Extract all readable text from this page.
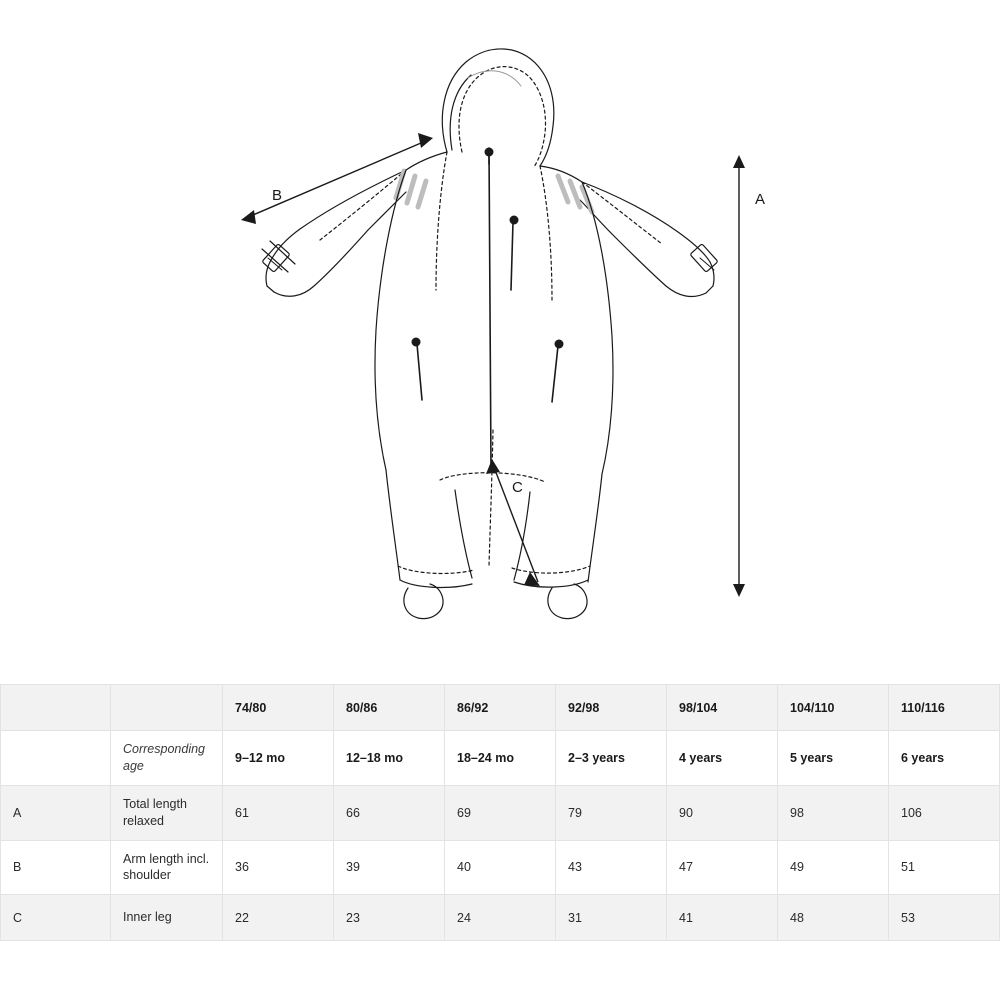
A
B
C
		74/80	80/86	86/92	92/98	98/104	104/110	110/116
	Corresponding age	9–12 mo	12–18 mo	18–24 mo	2–3 years	4 years	5 years	6 years
A	Total length relaxed	61	66	69	79	90	98	106
B	Arm length incl. shoulder	36	39	40	43	47	49	51
C	Inner leg	22	23	24	31	41	48	53
